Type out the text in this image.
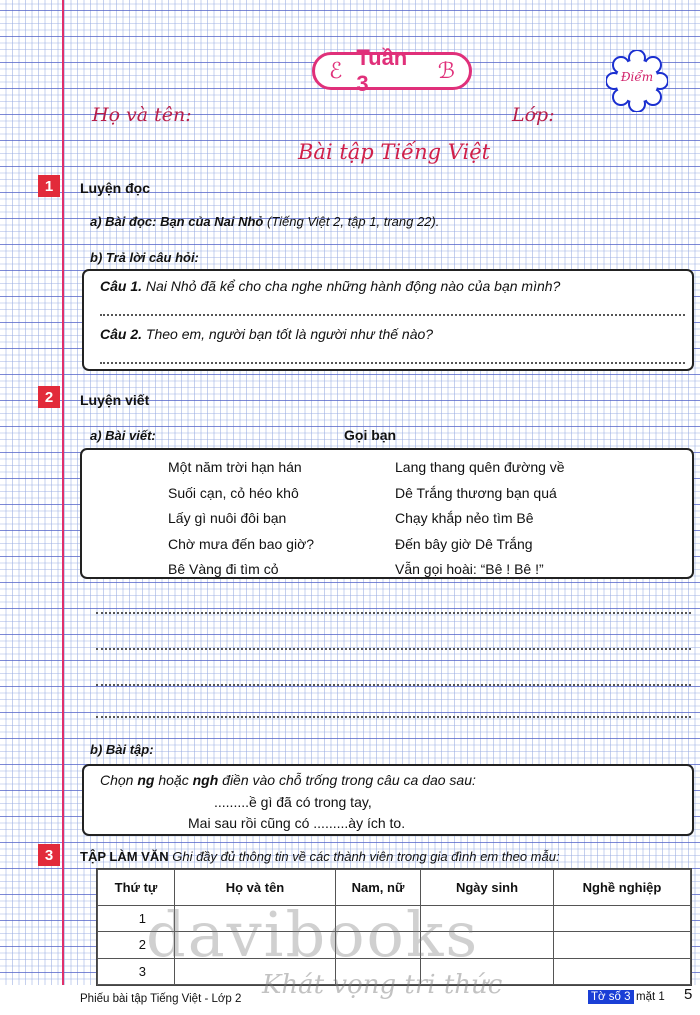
ℰ
Tuần 3	ℬ	Điểm
Họ và tên:	Lớp:
Bài tập Tiếng Việt
1	Luyện đọc
a) Bài đọc: Bạn của Nai Nhỏ (Tiếng Việt 2, tập 1, trang 22).
b) Trả lời câu hỏi:
Câu 1. Nai Nhỏ đã kể cho cha nghe những hành động nào của bạn mình?
Câu 2. Theo em, người bạn tốt là người như thế nào?
2	Luyện viết
a) Bài viết:	Gọi bạn
Một năm trời hạn hán
Suối cạn, cỏ héo khô
Lấy gì nuôi đôi bạn
Chờ mưa đến bao giờ?
Bê Vàng đi tìm cỏ
Lang thang quên đường về
Dê Trắng thương bạn quá
Chạy khắp nẻo tìm Bê
Đến bây giờ Dê Trắng
Vẫn gọi hoài: “Bê ! Bê !”
b) Bài tập:
Chọn ng hoặc ngh điền vào chỗ trống trong câu ca dao sau:
.........ề gì đã có trong tay,
Mai sau rồi cũng có .........ày ích to.
3	TẬP LÀM VĂN Ghi đầy đủ thông tin về các thành viên trong gia đình em theo mẫu:
Thứ tự	Họ và tên	Nam, nữ	Ngày sinh	Nghề nghiệp
1				
2				
3				
davibooks
Khát vọng tri thức
Phiếu bài tập Tiếng Việt - Lớp 2	Tờ số 3 mặt 1 5
